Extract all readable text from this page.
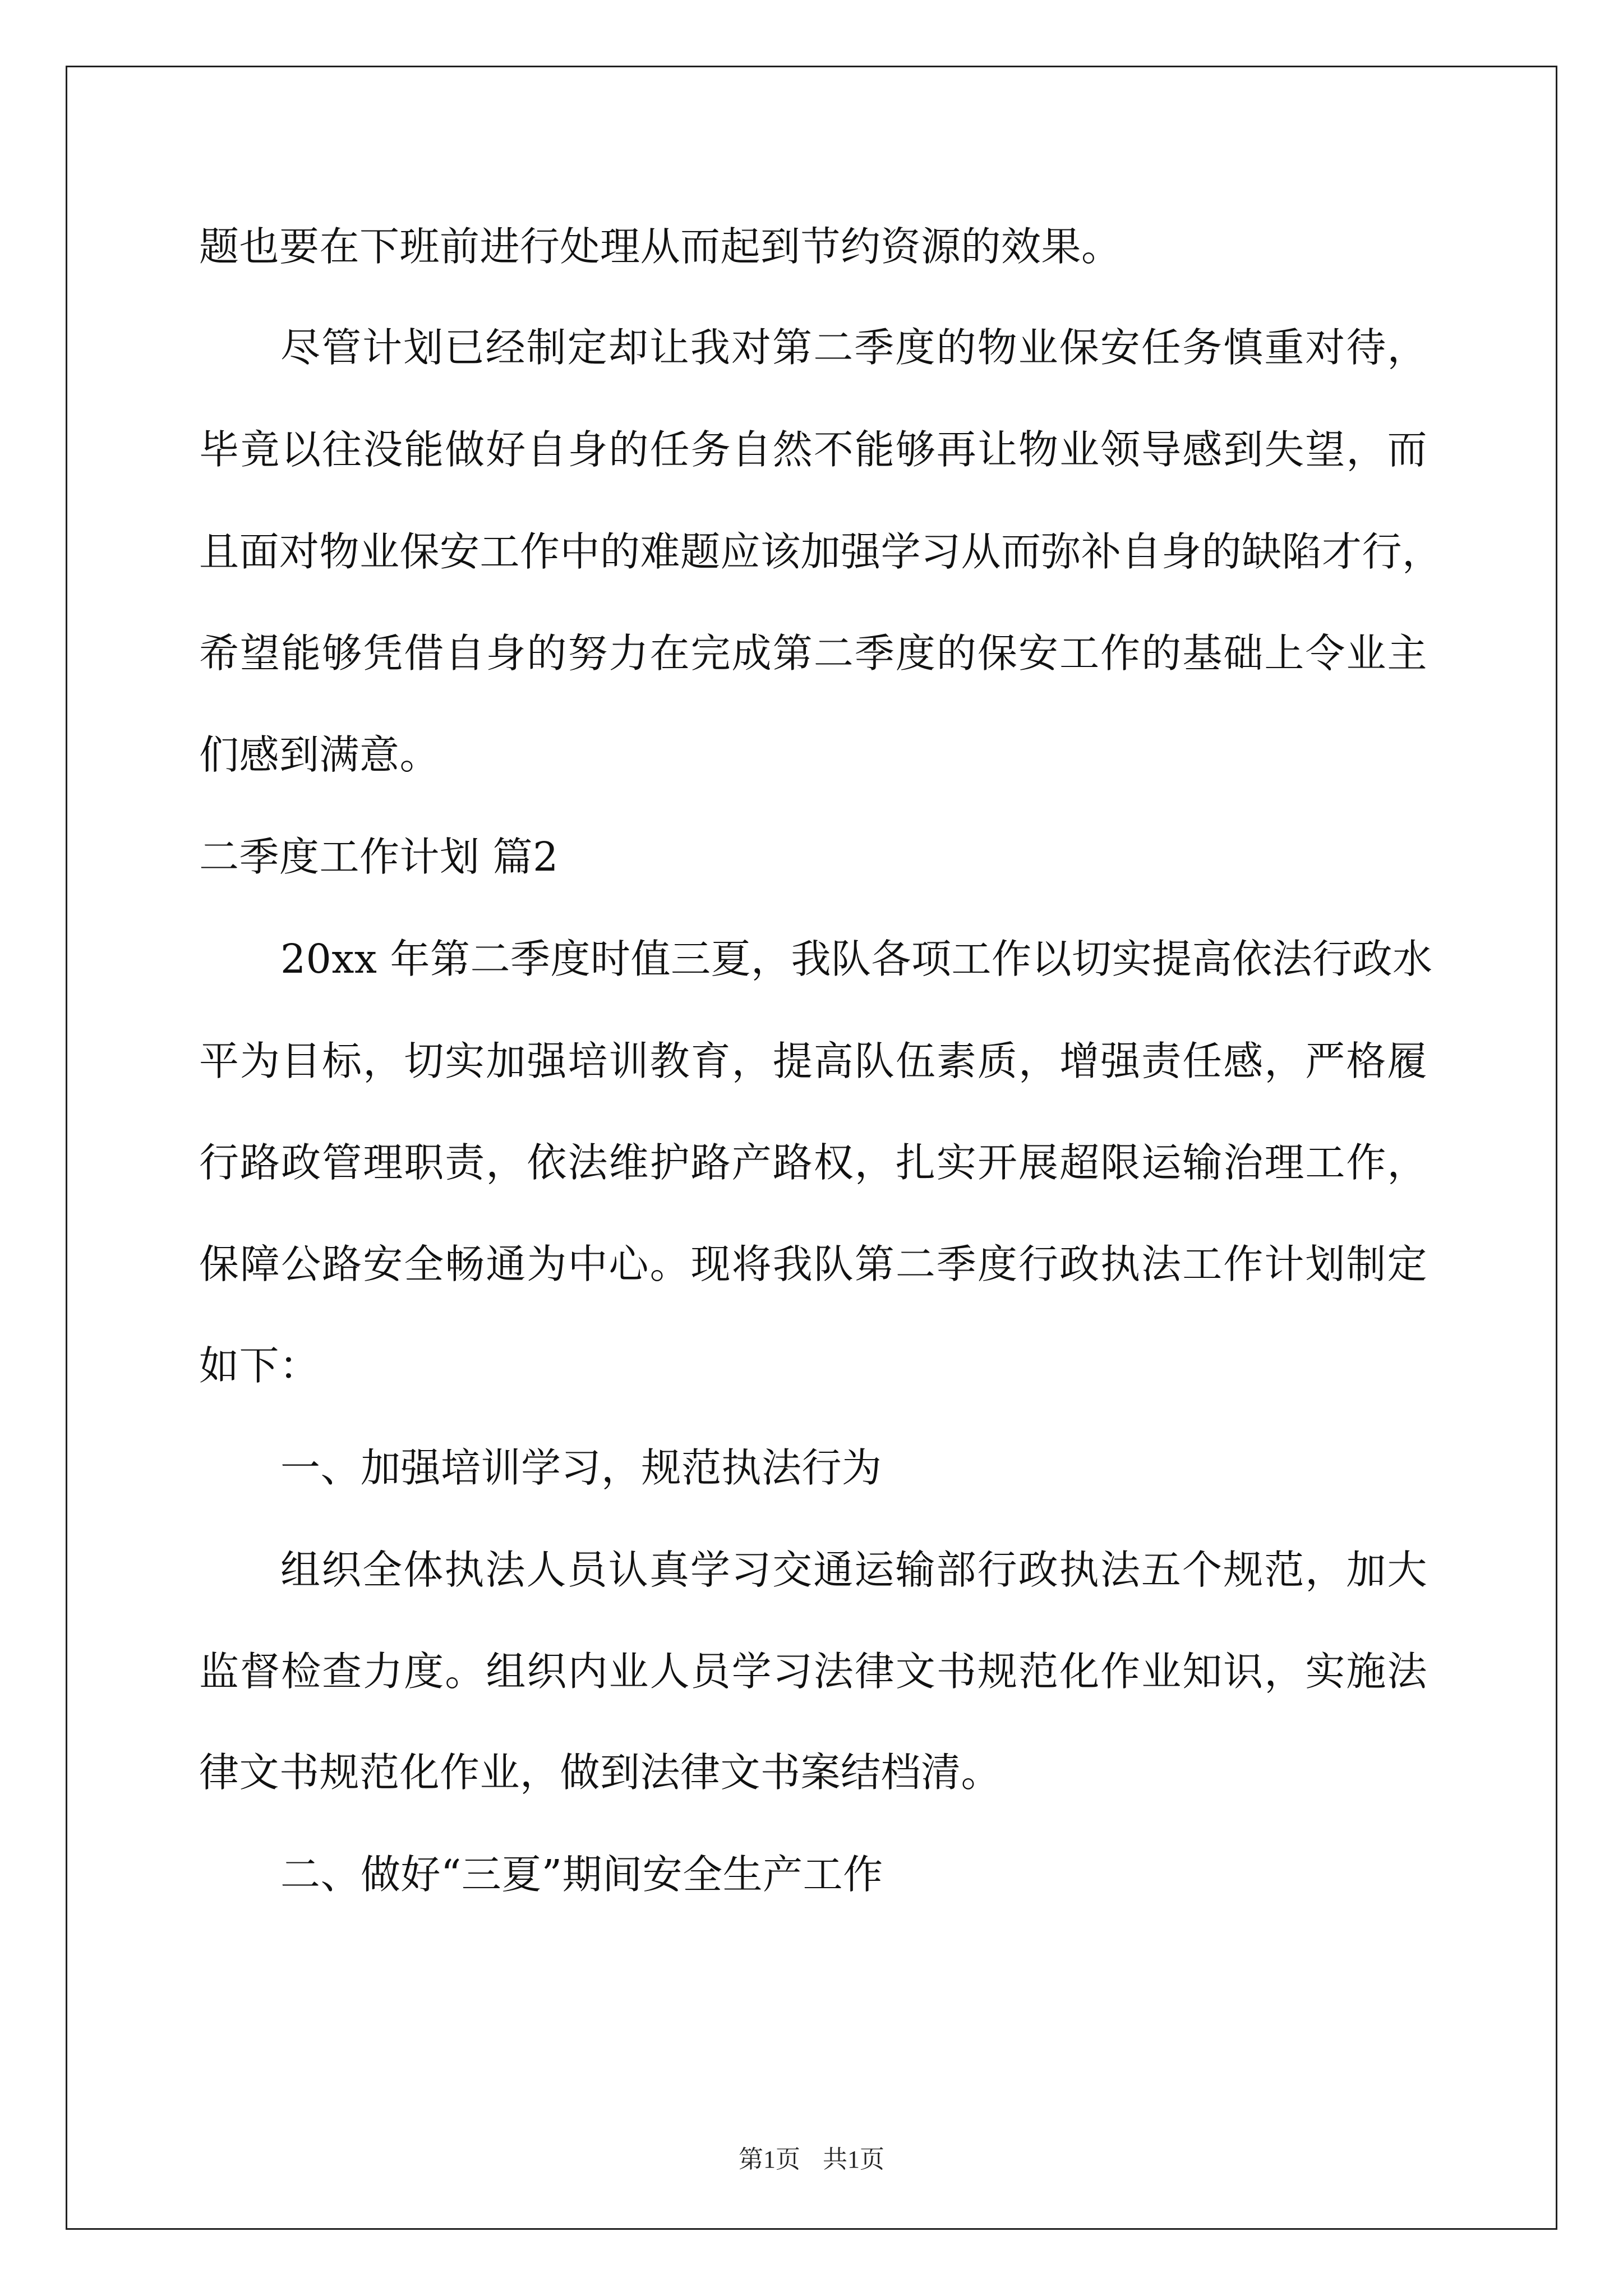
题也要在下班前进行处理从而起到节约资源的效果。
尽管计划已经制定却让我对第二季度的物业保安任务慎重对待，
毕竟以往没能做好自身的任务自然不能够再让物业领导感到失望，而
且面对物业保安工作中的难题应该加强学习从而弥补自身的缺陷才行，
希望能够凭借自身的努力在完成第二季度的保安工作的基础上令业主
们感到满意。
二季度工作计划 篇2
20xx 年第二季度时值三夏，我队各项工作以切实提高依法行政水
平为目标，切实加强培训教育，提高队伍素质，增强责任感，严格履
行路政管理职责，依法维护路产路权，扎实开展超限运输治理工作，
保障公路安全畅通为中心。现将我队第二季度行政执法工作计划制定
如下：
一、加强培训学习，规范执法行为
组织全体执法人员认真学习交通运输部行政执法五个规范，加大
监督检查力度。组织内业人员学习法律文书规范化作业知识，实施法
律文书规范化作业，做到法律文书案结档清。
二、做好“三夏”期间安全生产工作
第1页 共1页
